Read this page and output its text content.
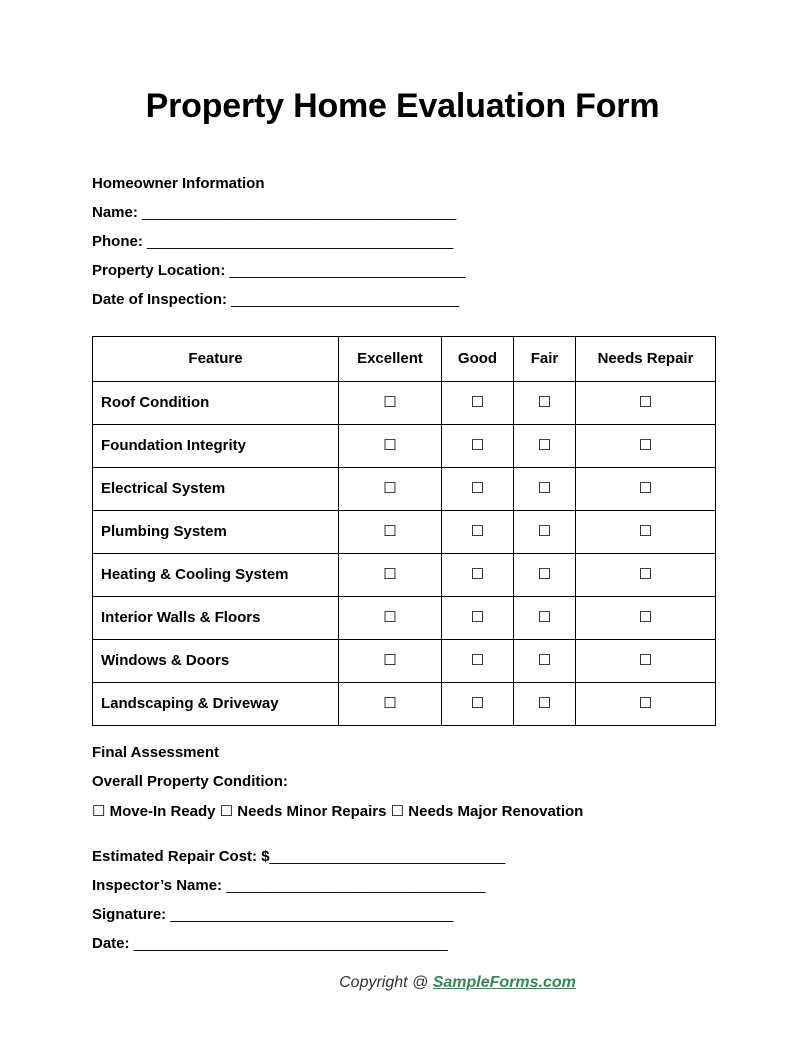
Property Home Evaluation Form
Homeowner Information
Name: ________________________________________
Phone: _______________________________________
Property Location: ______________________________
Date of Inspection: _____________________________
Feature	Excellent	Good	Fair	Needs Repair
Roof Condition	☐	☐	☐	☐
Foundation Integrity	☐	☐	☐	☐
Electrical System	☐	☐	☐	☐
Plumbing System	☐	☐	☐	☐
Heating & Cooling System	☐	☐	☐	☐
Interior Walls & Floors	☐	☐	☐	☐
Windows & Doors	☐	☐	☐	☐
Landscaping & Driveway	☐	☐	☐	☐
Final Assessment
Overall Property Condition:
☐ Move-In Ready ☐ Needs Minor Repairs ☐ Needs Major Renovation
Estimated Repair Cost: $______________________________
Inspector’s Name: _________________________________
Signature: ____________________________________
Date: ________________________________________
Copyright @ SampleForms.com
